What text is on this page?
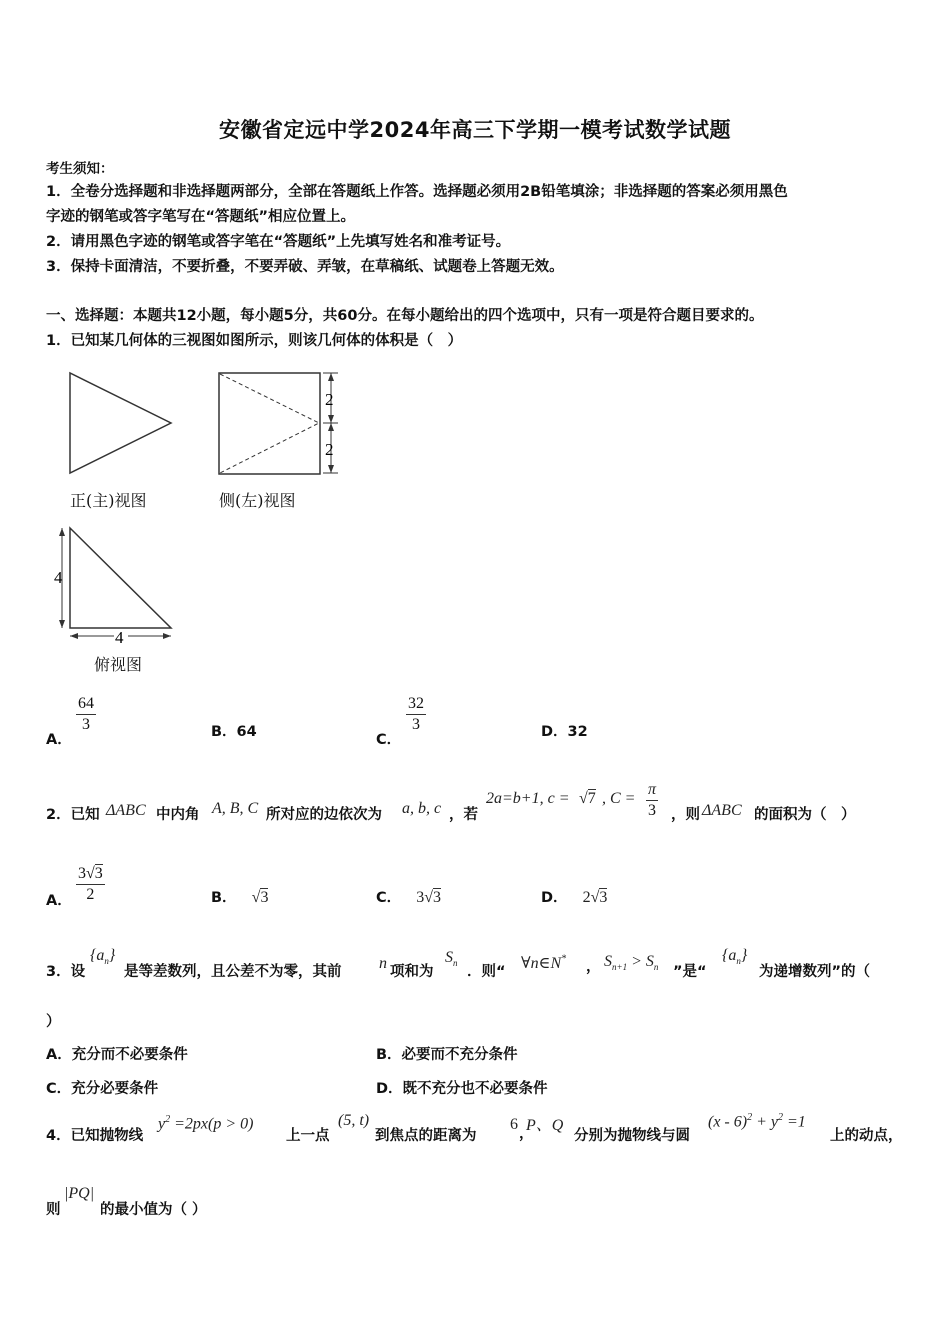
安徽省定远中学2024年高三下学期一模考试数学试题
考生须知：
1．全卷分选择题和非选择题两部分，全部在答题纸上作答。选择题必须用2B铅笔填涂；非选择题的答案必须用黑色
字迹的钢笔或答字笔写在“答题纸”相应位置上。
2．请用黑色字迹的钢笔或答字笔在“答题纸”上先填写姓名和准考证号。
3．保持卡面清洁，不要折叠，不要弄破、弄皱，在草稿纸、试题卷上答题无效。
一、选择题：本题共12小题，每小题5分，共60分。在每小题给出的四个选项中，只有一项是符合题目要求的。
1．已知某几何体的三视图如图所示，则该几何体的体积是（　）
2
2
4
4
正(主)视图	侧(左)视图
俯视图
A．
$\frac{64}{3}$	B．64	C．
$\frac{32}{3}$	D．32
2．已知 ΔABC 中内角 A, B, C 所对应的边依次为 a, b, c ，若
2a=b+1, c = √7 , $C = \frac{\pi}{3}$ ，则 ΔABC 的面积为（　）
A． $\frac{3√3}{2}$	B． √3	C． 3√3	D． 2√3
3．设
$\{a_n\}$
是等差数列，且公差不为零，其前 n 项和为
$S_n$
．则“ ∀n∈N* ， $S_{n+1} > S_n$ ”是“
$\{a_n\}$
为递增数列”的（
）
A．充分而不必要条件	B．必要而不充分条件
C．充分必要条件	D．既不充分也不必要条件
4．已知抛物线
$y^2 =2px(p > 0)$
上一点
(5, t)
到焦点的距离为
6
，
P、Q
分别为抛物线与圆
$(x - 6)^2 + y^2 =1$
上的动点，
则
|PQ|
的最小值为（ ）
